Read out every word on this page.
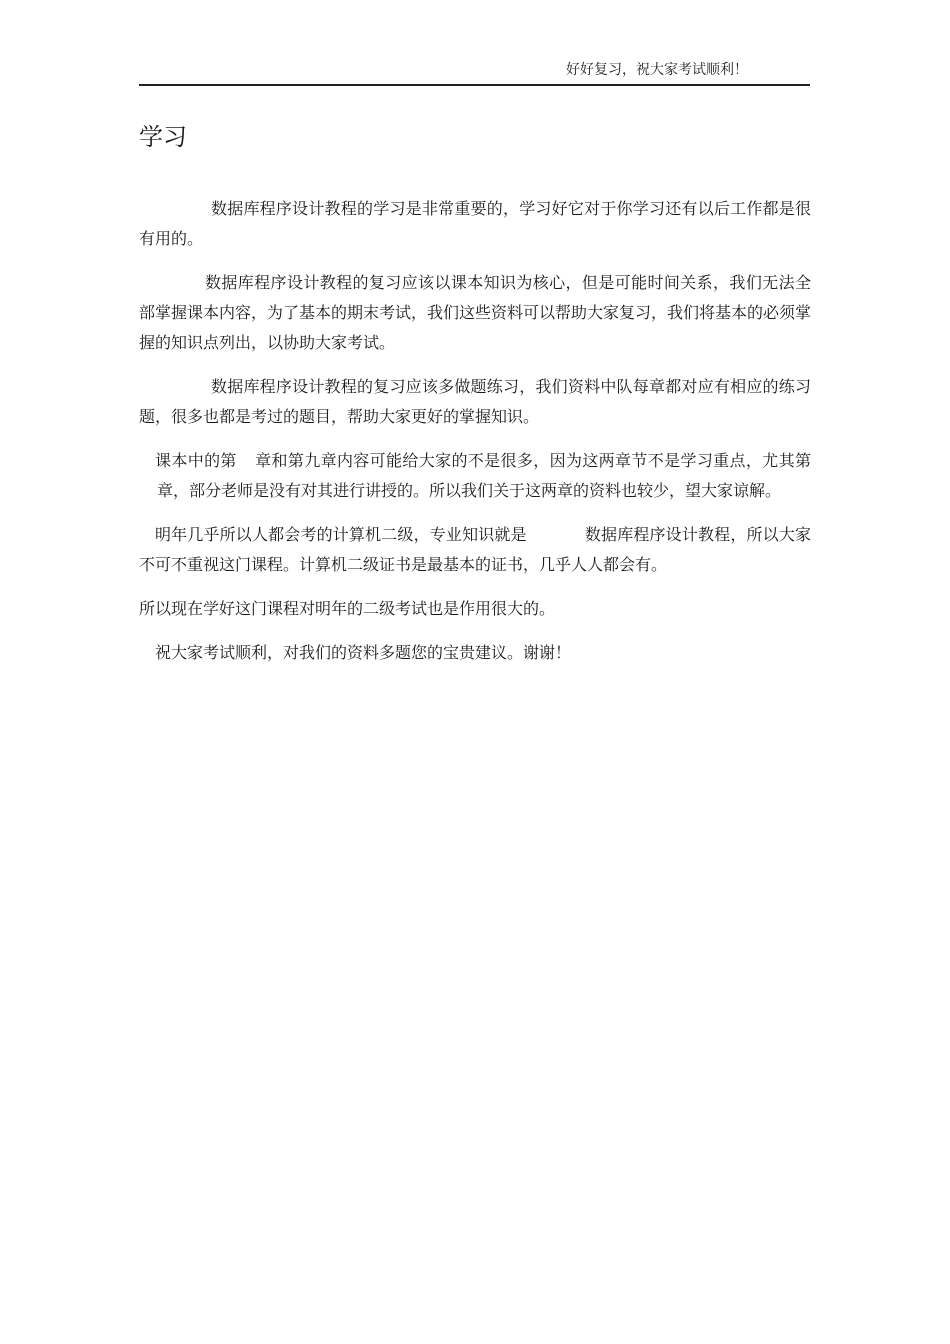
好好复习，祝大家考试顺利！
学习

数据库程序设计教程的学习是非常重要的，学习好它对于你学习还有以后工作都是很有用的。

数据库程序设计教程的复习应该以课本知识为核心，但是可能时间关系，我们无法全部掌握课本内容，为了基本的期末考试，我们这些资料可以帮助大家复习，我们将基本的必须掌握的知识点列出，以协助大家考试。

数据库程序设计教程的复习应该多做题练习，我们资料中队每章都对应有相应的练习题，很多也都是考过的题目，帮助大家更好的掌握知识。

课本中的第 章和第九章内容可能给大家的不是很多，因为这两章节不是学习重点，尤其第章，部分老师是没有对其进行讲授的。所以我们关于这两章的资料也较少，望大家谅解。

明年几乎所以人都会考的计算机二级，专业知识就是	数据库程序设计教程，所以大家不可不重视这门课程。计算机二级证书是最基本的证书，几乎人人都会有。

所以现在学好这门课程对明年的二级考试也是作用很大的。

祝大家考试顺利，对我们的资料多题您的宝贵建议。谢谢！
